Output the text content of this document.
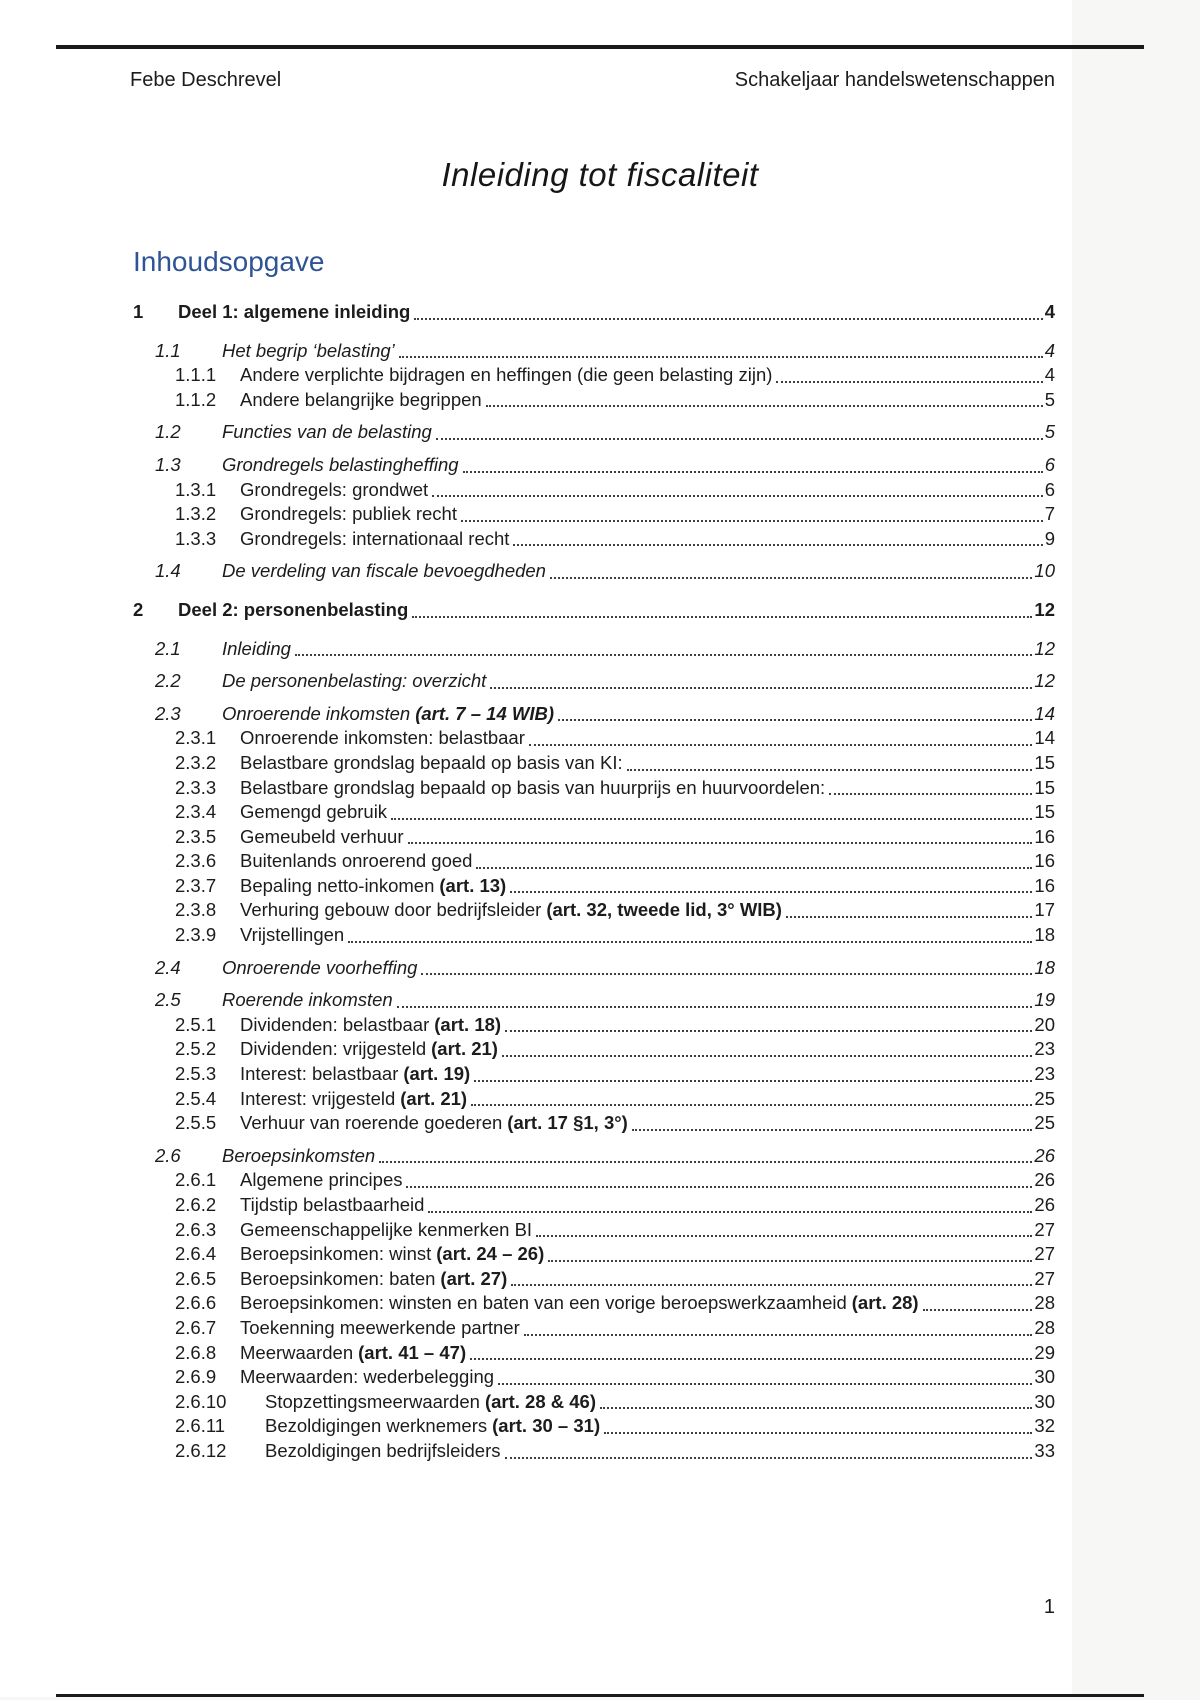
Febe Deschrevel	Schakeljaar handelswetenschappen
Inleiding tot fiscaliteit
Inhoudsopgave
1	Deel 1: algemene inleiding	4
1.1	Het begrip ‘belasting’	4
1.1.1	Andere verplichte bijdragen en heffingen (die geen belasting zijn)	4
1.1.2	Andere belangrijke begrippen	5
1.2	Functies van de belasting	5
1.3	Grondregels belastingheffing	6
1.3.1	Grondregels: grondwet	6
1.3.2	Grondregels: publiek recht	7
1.3.3	Grondregels: internationaal recht	9
1.4	De verdeling van fiscale bevoegdheden	10
2	Deel 2: personenbelasting	12
2.1	Inleiding	12
2.2	De personenbelasting: overzicht	12
2.3	Onroerende inkomsten (art. 7 – 14 WIB)	14
2.3.1	Onroerende inkomsten: belastbaar	14
2.3.2	Belastbare grondslag bepaald op basis van KI:	15
2.3.3	Belastbare grondslag bepaald op basis van huurprijs en huurvoordelen:	15
2.3.4	Gemengd gebruik	15
2.3.5	Gemeubeld verhuur	16
2.3.6	Buitenlands onroerend goed	16
2.3.7	Bepaling netto-inkomen (art. 13)	16
2.3.8	Verhuring gebouw door bedrijfsleider (art. 32, tweede lid, 3° WIB)	17
2.3.9	Vrijstellingen	18
2.4	Onroerende voorheffing	18
2.5	Roerende inkomsten	19
2.5.1	Dividenden: belastbaar (art. 18)	20
2.5.2	Dividenden: vrijgesteld (art. 21)	23
2.5.3	Interest: belastbaar (art. 19)	23
2.5.4	Interest: vrijgesteld (art. 21)	25
2.5.5	Verhuur van roerende goederen (art. 17 §1, 3°)	25
2.6	Beroepsinkomsten	26
2.6.1	Algemene principes	26
2.6.2	Tijdstip belastbaarheid	26
2.6.3	Gemeenschappelijke kenmerken BI	27
2.6.4	Beroepsinkomen: winst (art. 24 – 26)	27
2.6.5	Beroepsinkomen: baten (art. 27)	27
2.6.6	Beroepsinkomen: winsten en baten van een vorige beroepswerkzaamheid (art. 28)	28
2.6.7	Toekenning meewerkende partner	28
2.6.8	Meerwaarden (art. 41 – 47)	29
2.6.9	Meerwaarden: wederbelegging	30
2.6.10	Stopzettingsmeerwaarden (art. 28 & 46)	30
2.6.11	Bezoldigingen werknemers (art. 30 – 31)	32
2.6.12	Bezoldigingen bedrijfsleiders	33
1
